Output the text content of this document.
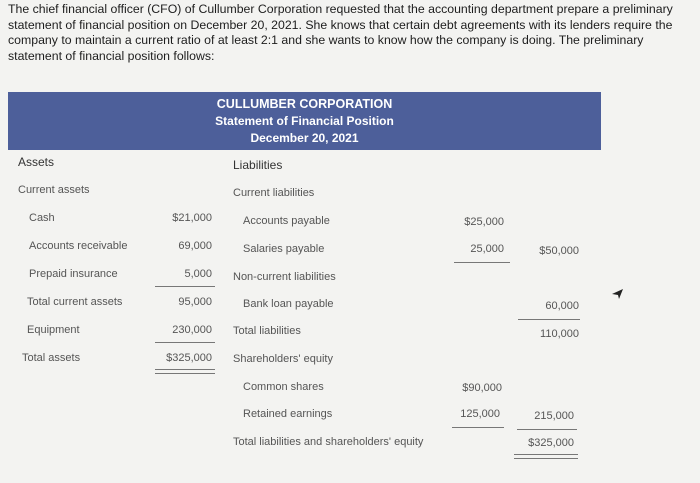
The chief financial officer (CFO) of Cullumber Corporation requested that the accounting department prepare a preliminary statement of financial position on December 20, 2021. She knows that certain debt agreements with its lenders require the company to maintain a current ratio of at least 2:1 and she wants to know how the company is doing. The preliminary statement of financial position follows:

CULLUMBER CORPORATION
Statement of Financial Position
December 20, 2021
Assets
Current assets
Cash	$21,000
Accounts receivable	69,000
Prepaid insurance	5,000
Total current assets	95,000
Equipment	230,000
Total assets	$325,000
Liabilities
Current liabilities
Accounts payable	$25,000
Salaries payable	25,000	$50,000
Non-current liabilities
Bank loan payable	60,000
Total liabilities	110,000
Shareholders' equity
Common shares	$90,000
Retained earnings	125,000	215,000
Total liabilities and shareholders' equity	$325,000
